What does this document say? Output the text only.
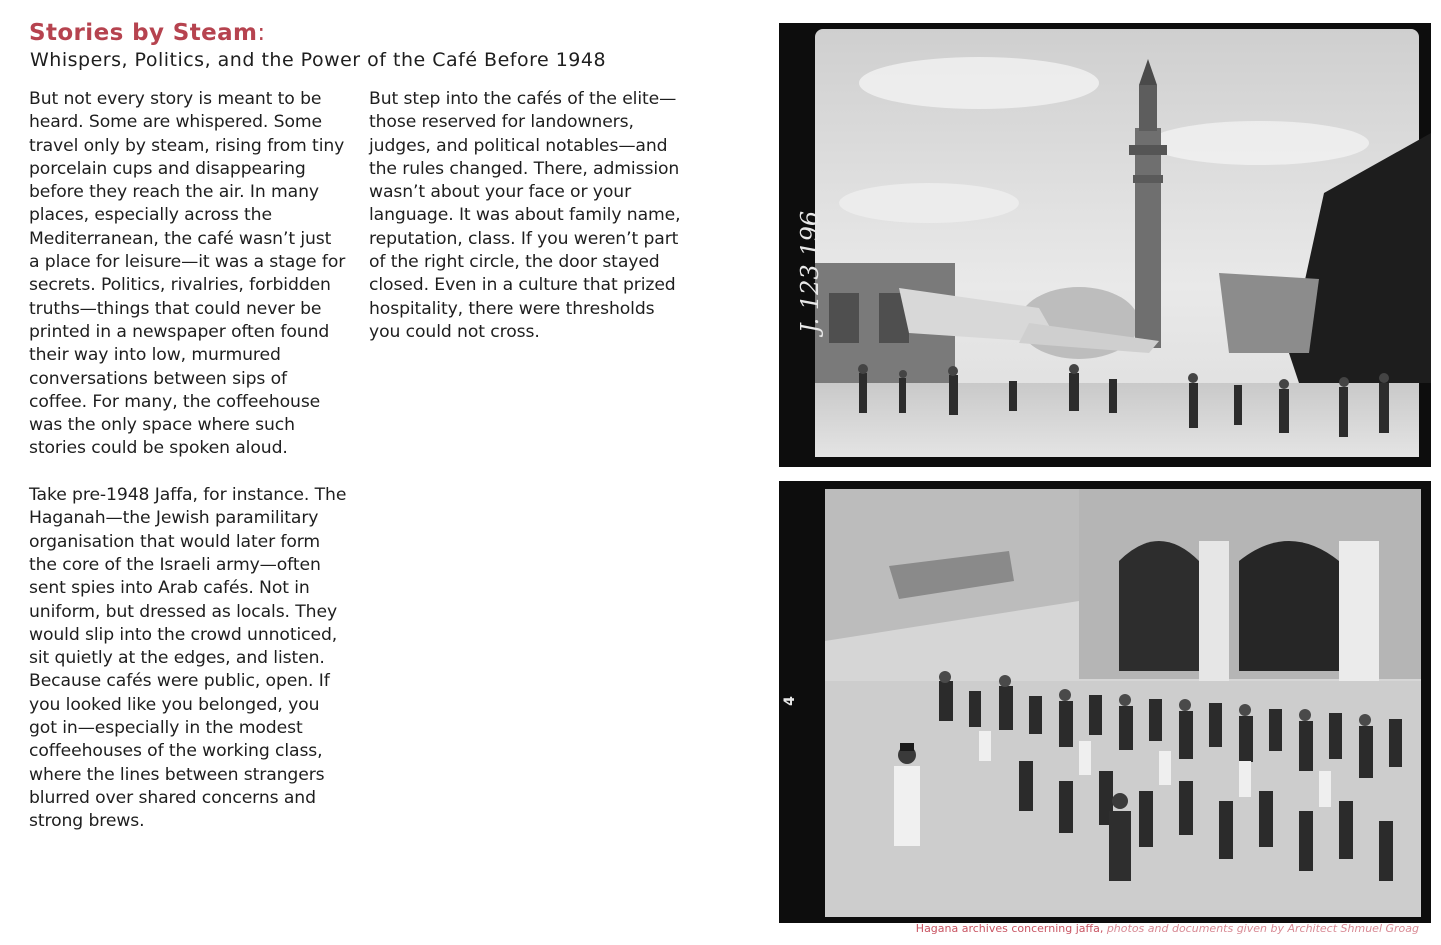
Stories by Steam:
Whispers, Politics, and the Power of the Café Before 1948

But not every story is meant to be heard. Some are whispered. Some travel only by steam, rising from tiny porcelain cups and disappearing before they reach the air. In many places, especially across the Mediterranean, the café wasn’t just a place for leisure—it was a stage for secrets. Politics, rivalries, forbidden truths—things that could never be printed in a newspaper often found their way into low, murmured conversations between sips of coffee. For many, the coffeehouse was the only space where such stories could be spoken aloud.

Take pre-1948 Jaffa, for instance. The Haganah—the Jewish paramilitary organisation that would later form the core of the Israeli army—often sent spies into Arab cafés. Not in uniform, but dressed as locals. They would slip into the crowd unnoticed, sit quietly at the edges, and listen. Because cafés were public, open. If you looked like you belonged, you got in—especially in the modest coffeehouses of the working class, where the lines between strangers blurred over shared concerns and strong brews.

But step into the cafés of the elite—those reserved for landowners, judges, and political notables—and the rules changed. There, admission wasn’t about your face or your language. It was about family name, reputation, class. If you weren’t part of the right circle, the door stayed closed. Even in a culture that prized hospitality, there were thresholds you could not cross.	J. 123.196
4
Hagana archives concerning jaffa, photos and documents given by Architect Shmuel Groag
